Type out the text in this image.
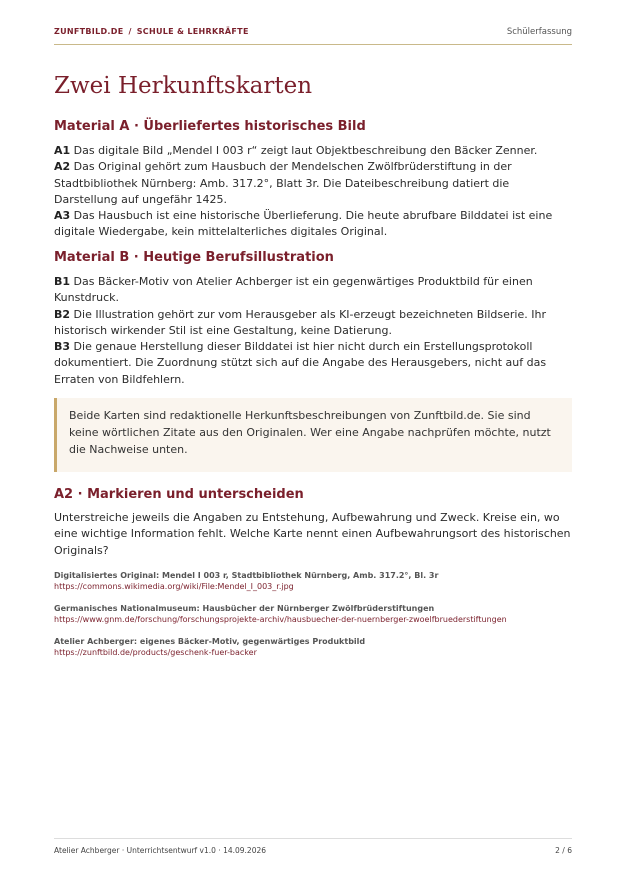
ZUNFTBILD.DE / SCHULE & LEHRKRÄFTE	Schülerfassung
Zwei Herkunftskarten
Material A · Überliefertes historisches Bild
A1 Das digitale Bild „Mendel I 003 r“ zeigt laut Objektbeschreibung den Bäcker Zenner.
A2 Das Original gehört zum Hausbuch der Mendelschen Zwölfbrüderstiftung in der Stadtbibliothek Nürnberg: Amb. 317.2°, Blatt 3r. Die Dateibeschreibung datiert die Darstellung auf ungefähr 1425.
A3 Das Hausbuch ist eine historische Überlieferung. Die heute abrufbare Bilddatei ist eine digitale Wiedergabe, kein mittelalterliches digitales Original.
Material B · Heutige Berufsillustration
B1 Das Bäcker-Motiv von Atelier Achberger ist ein gegenwärtiges Produktbild für einen Kunstdruck.
B2 Die Illustration gehört zur vom Herausgeber als KI-erzeugt bezeichneten Bildserie. Ihr historisch wirkender Stil ist eine Gestaltung, keine Datierung.
B3 Die genaue Herstellung dieser Bilddatei ist hier nicht durch ein Erstellungsprotokoll dokumentiert. Die Zuordnung stützt sich auf die Angabe des Herausgebers, nicht auf das Erraten von Bildfehlern.

Beide Karten sind redaktionelle Herkunftsbeschreibungen von Zunftbild.de. Sie sind keine wörtlichen Zitate aus den Originalen. Wer eine Angabe nachprüfen möchte, nutzt die Nachweise unten.

A2 · Markieren und unterscheiden
Unterstreiche jeweils die Angaben zu Entstehung, Aufbewahrung und Zweck. Kreise ein, wo eine wichtige Information fehlt. Welche Karte nennt einen Aufbewahrungsort des historischen Originals?
Digitalisiertes Original: Mendel I 003 r, Stadtbibliothek Nürnberg, Amb. 317.2°, Bl. 3r
https://commons.wikimedia.org/wiki/File:Mendel_I_003_r.jpg
Germanisches Nationalmuseum: Hausbücher der Nürnberger Zwölfbrüderstiftungen
https://www.gnm.de/forschung/forschungsprojekte-archiv/hausbuecher-der-nuernberger-zwoelfbruederstiftungen
Atelier Achberger: eigenes Bäcker-Motiv, gegenwärtiges Produktbild
https://zunftbild.de/products/geschenk-fuer-backer
Atelier Achberger · Unterrichtsentwurf v1.0 · 14.09.2026	2 / 6
